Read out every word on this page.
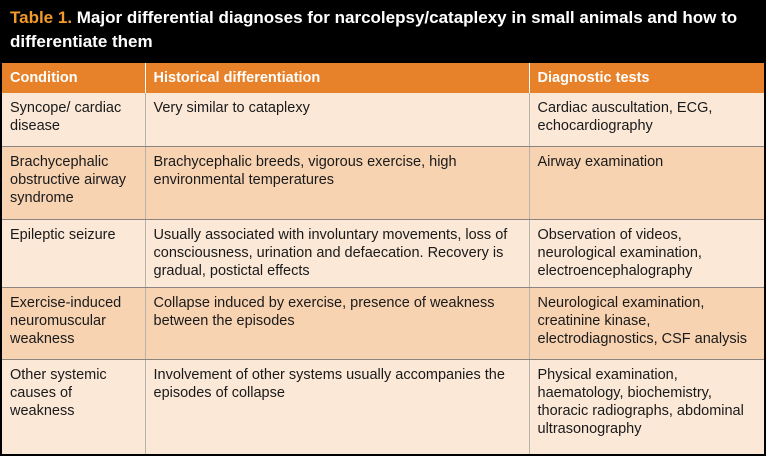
Table 1. Major differential diagnoses for narcolepsy/cataplexy in small animals and how to differentiate them
Condition	Historical differentiation	Diagnostic tests
Syncope/ cardiac disease	Very similar to cataplexy	Cardiac auscultation, ECG, echocardiography
Brachycephalic obstructive airway syndrome	Brachycephalic breeds, vigorous exercise, high environmental temperatures	Airway examination
Epileptic seizure	Usually associated with involuntary movements, loss of consciousness, urination and defaecation. Recovery is gradual, postictal effects	Observation of videos, neurological examination, electroencephalography
Exercise-induced neuromuscular weakness	Collapse induced by exercise, presence of weakness between the episodes	Neurological examination, creatinine kinase, electrodiagnostics, CSF analysis
Other systemic causes of weakness	Involvement of other systems usually accompanies the episodes of collapse	Physical examination, haematology, biochemistry, thoracic radiographs, abdominal ultrasonography
